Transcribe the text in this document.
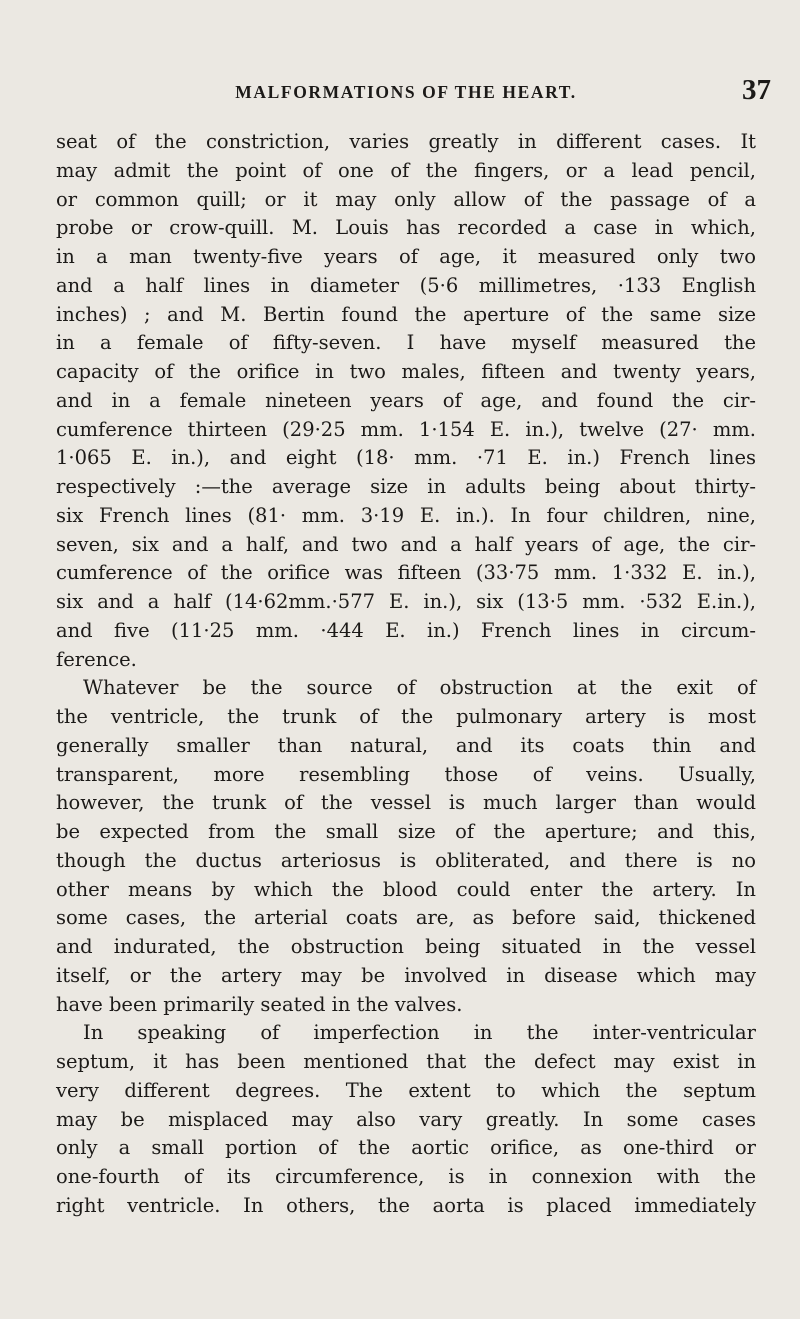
MALFORMATIONS OF THE HEART.	37
seat of the constriction, varies greatly in different cases. It
may admit the point of one of the fingers, or a lead pencil,
or common quill; or it may only allow of the passage of a
probe or crow-quill. M. Louis has recorded a case in which,
in a man twenty-five years of age, it measured only two
and a half lines in diameter (5·6 millimetres, ·133 English
inches) ; and M. Bertin found the aperture of the same size
in a female of fifty-seven. I have myself measured the
capacity of the orifice in two males, fifteen and twenty years,
and in a female nineteen years of age, and found the cir-
cumference thirteen (29·25 mm. 1·154 E. in.), twelve (27· mm.
1·065 E. in.), and eight (18· mm. ·71 E. in.) French lines
respectively :—the average size in adults being about thirty-
six French lines (81· mm. 3·19 E. in.). In four children, nine,
seven, six and a half, and two and a half years of age, the cir-
cumference of the orifice was fifteen (33·75 mm. 1·332 E. in.),
six and a half (14·62mm.·577 E. in.), six (13·5 mm. ·532 E.in.),
and five (11·25 mm. ·444 E. in.) French lines in circum-
ference.
Whatever be the source of obstruction at the exit of
the ventricle, the trunk of the pulmonary artery is most
generally smaller than natural, and its coats thin and
transparent, more resembling those of veins. Usually,
however, the trunk of the vessel is much larger than would
be expected from the small size of the aperture; and this,
though the ductus arteriosus is obliterated, and there is no
other means by which the blood could enter the artery. In
some cases, the arterial coats are, as before said, thickened
and indurated, the obstruction being situated in the vessel
itself, or the artery may be involved in disease which may
have been primarily seated in the valves.
In speaking of imperfection in the inter-ventricular
septum, it has been mentioned that the defect may exist in
very different degrees. The extent to which the septum
may be misplaced may also vary greatly. In some cases
only a small portion of the aortic orifice, as one-third or
one-fourth of its circumference, is in connexion with the
right ventricle. In others, the aorta is placed immediately
